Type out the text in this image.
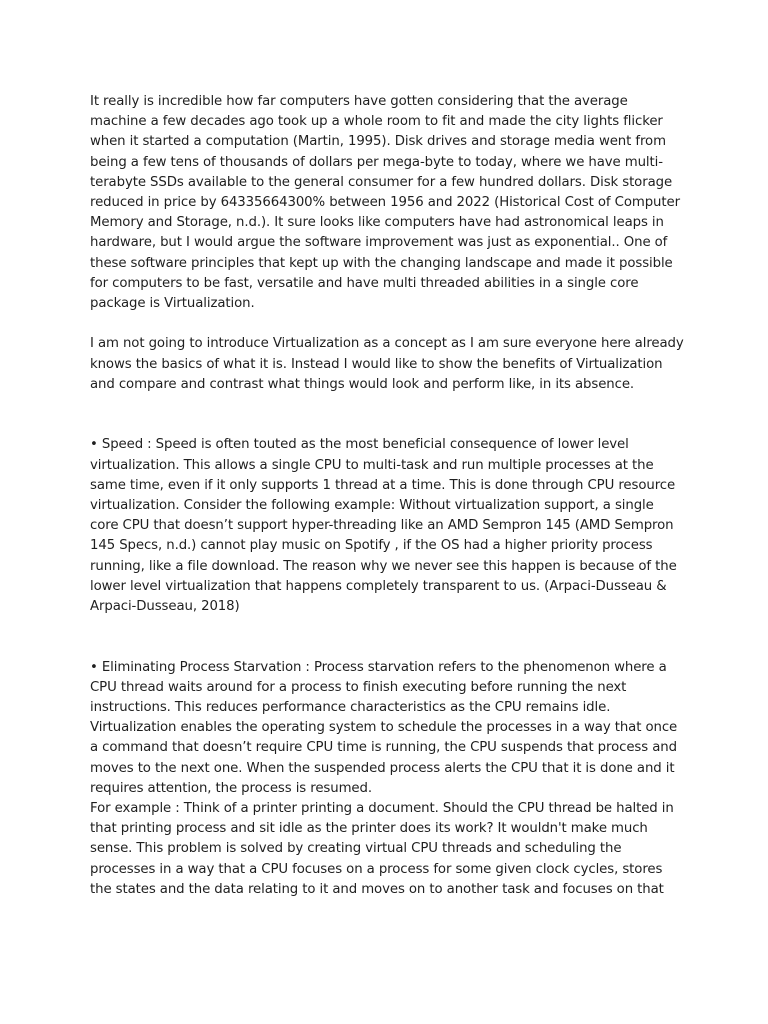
It really is incredible how far computers have gotten considering that the average machine a few decades ago took up a whole room to fit and made the city lights flicker when it started a computation (Martin, 1995). Disk drives and storage media went from being a few tens of thousands of dollars per mega-byte to today, where we have multi-terabyte SSDs available to the general consumer for a few hundred dollars. Disk storage reduced in price by 64335664300% between 1956 and 2022 (Historical Cost of Computer Memory and Storage, n.d.). It sure looks like computers have had astronomical leaps in hardware, but I would argue the software improvement was just as exponential.. One of these software principles that kept up with the changing landscape and made it possible for computers to be fast, versatile and have multi threaded abilities in a single core package is Virtualization.

I am not going to introduce Virtualization as a concept as I am sure everyone here already knows the basics of what it is. Instead I would like to show the benefits of Virtualization and compare and contrast what things would look and perform like, in its absence.

• Speed : Speed is often touted as the most beneficial consequence of lower level virtualization. This allows a single CPU to multi-task and run multiple processes at the same time, even if it only supports 1 thread at a time. This is done through CPU resource virtualization. Consider the following example: Without virtualization support, a single core CPU that doesn’t support hyper-threading like an AMD Sempron 145 (AMD Sempron 145 Specs, n.d.) cannot play music on Spotify , if the OS had a higher priority process running, like a file download. The reason why we never see this happen is because of the lower level virtualization that happens completely transparent to us. (Arpaci-Dusseau & Arpaci-Dusseau, 2018)

• Eliminating Process Starvation : Process starvation refers to the phenomenon where a CPU thread waits around for a process to finish executing before running the next instructions. This reduces performance characteristics as the CPU remains idle. Virtualization enables the operating system to schedule the processes in a way that once a command that doesn’t require CPU time is running, the CPU suspends that process and moves to the next one. When the suspended process alerts the CPU that it is done and it requires attention, the process is resumed.

For example : Think of a printer printing a document. Should the CPU thread be halted in that printing process and sit idle as the printer does its work? It wouldn't make much sense. This problem is solved by creating virtual CPU threads and scheduling the processes in a way that a CPU focuses on a process for some given clock cycles, stores the states and the data relating to it and moves on to another task and focuses on that
